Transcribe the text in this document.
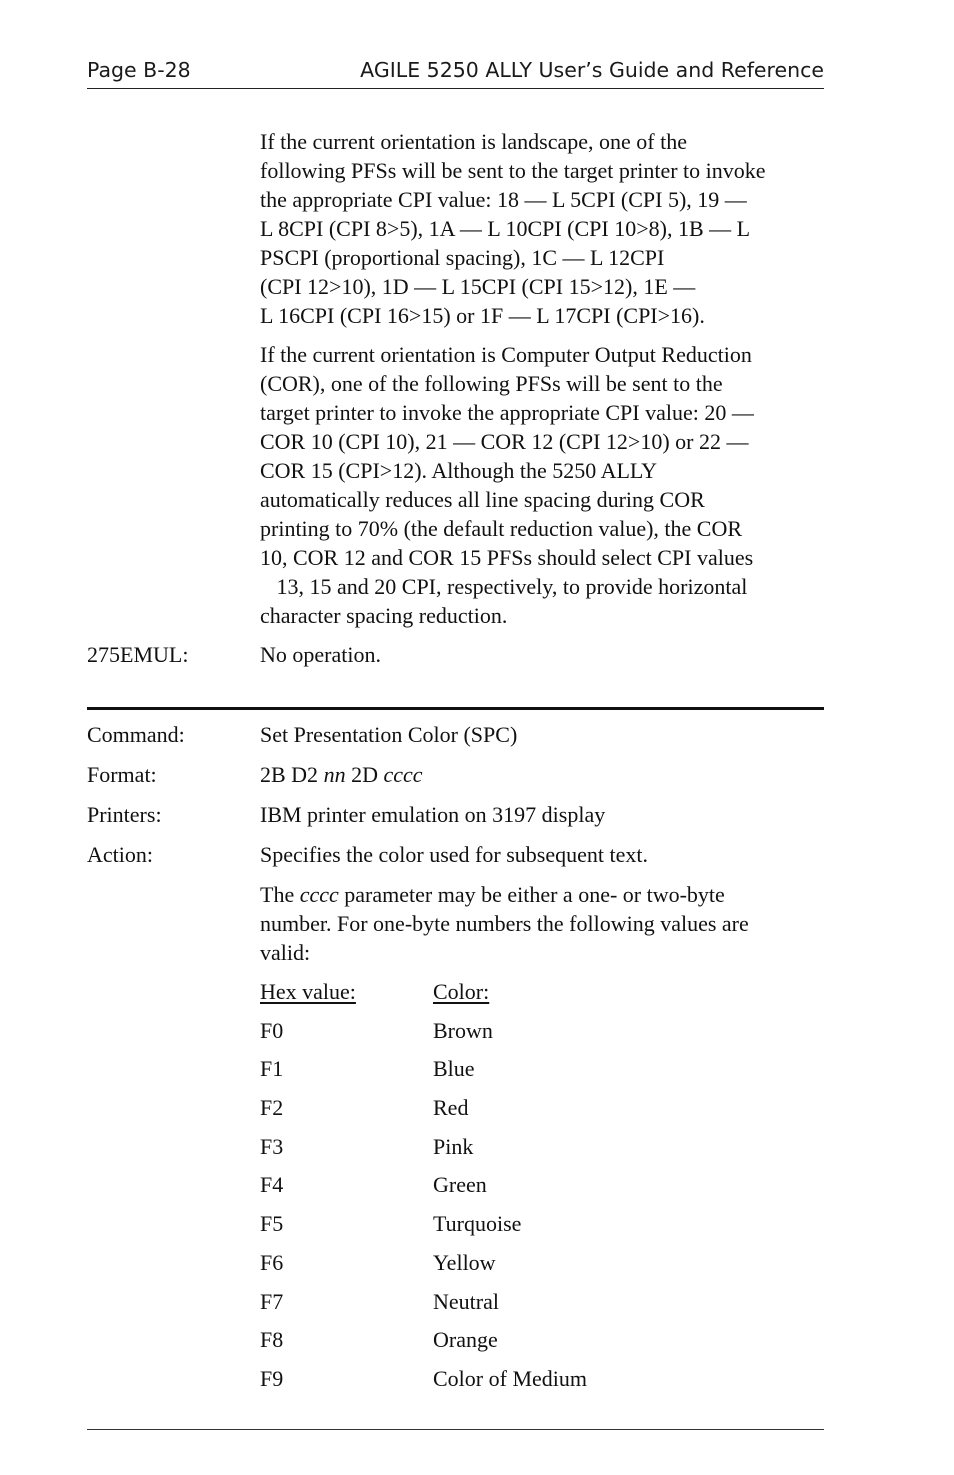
Page B-28	AGILE 5250 ALLY User’s Guide and Reference
If the current orientation is landscape, one of the
following PFSs will be sent to the target printer to invoke
the appropriate CPI value: 18 — L 5CPI (CPI 5), 19 —
L 8CPI (CPI 8>5), 1A — L 10CPI (CPI 10>8), 1B — L
PSCPI (proportional spacing), 1C — L 12CPI
(CPI 12>10), 1D — L 15CPI (CPI 15>12), 1E —
L 16CPI (CPI 16>15) or 1F — L 17CPI (CPI>16).
If the current orientation is Computer Output Reduction
(COR), one of the following PFSs will be sent to the
target printer to invoke the appropriate CPI value: 20 —
COR 10 (CPI 10), 21 — COR 12 (CPI 12>10) or 22 —
COR 15 (CPI>12). Although the 5250 ALLY
automatically reduces all line spacing during COR
printing to 70% (the default reduction value), the COR
10, COR 12 and COR 15 PFSs should select CPI values
13, 15 and 20 CPI, respectively, to provide horizontal
character spacing reduction.
275EMUL:	No operation.
Command:	Set Presentation Color (SPC)
Format:	2B D2 nn 2D cccc
Printers:	IBM printer emulation on 3197 display
Action:	Specifies the color used for subsequent text.
The cccc parameter may be either a one- or two-byte
number. For one-byte numbers the following values are
valid:
Hex value:	Color:
F0	Brown
F1	Blue
F2	Red
F3	Pink
F4	Green
F5	Turquoise
F6	Yellow
F7	Neutral
F8	Orange
F9	Color of Medium
